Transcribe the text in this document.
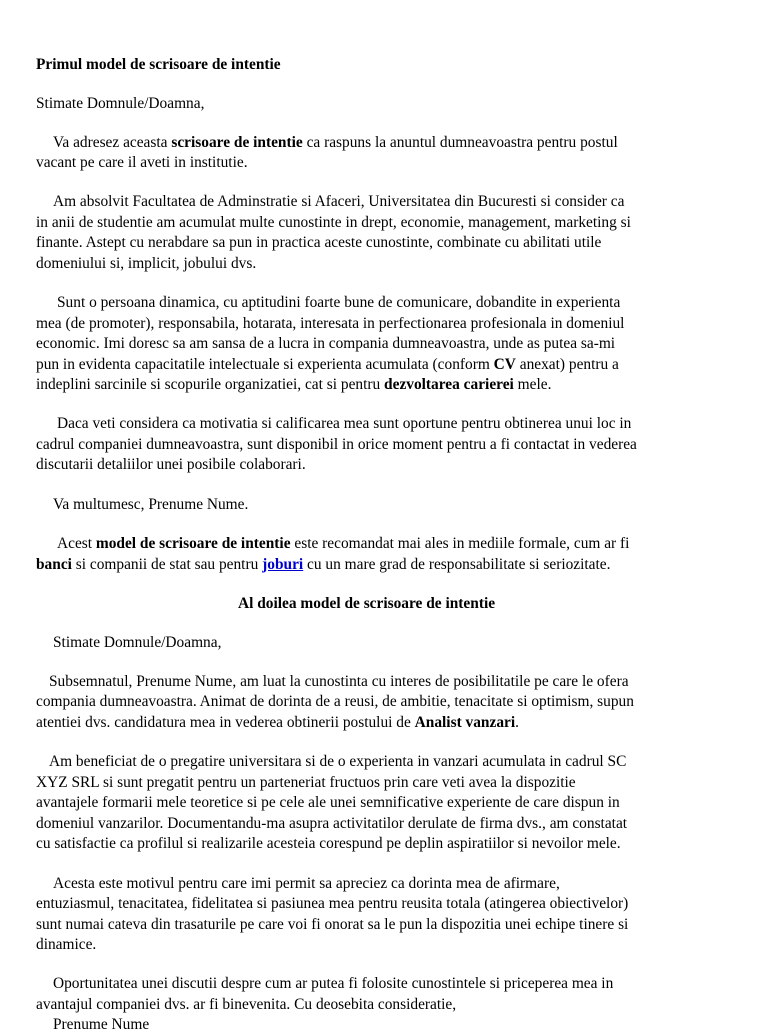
Primul model de scrisoare de intentie
Stimate Domnule/Doamna,
Va adresez aceasta scrisoare de intentie ca raspuns la anuntul dumneavoastra pentru postul
vacant pe care il aveti in institutie.
Am absolvit Facultatea de Adminstratie si Afaceri, Universitatea din Bucuresti si consider ca
in anii de studentie am acumulat multe cunostinte in drept, economie, management, marketing si
finante. Astept cu nerabdare sa pun in practica aceste cunostinte, combinate cu abilitati utile
domeniului si, implicit, jobului dvs.
Sunt o persoana dinamica, cu aptitudini foarte bune de comunicare, dobandite in experienta
mea (de promoter), responsabila, hotarata, interesata in perfectionarea profesionala in domeniul
economic. Imi doresc sa am sansa de a lucra in compania dumneavoastra, unde as putea sa-mi
pun in evidenta capacitatile intelectuale si experienta acumulata (conform CV anexat) pentru a
indeplini sarcinile si scopurile organizatiei, cat si pentru dezvoltarea carierei mele.
Daca veti considera ca motivatia si calificarea mea sunt oportune pentru obtinerea unui loc in
cadrul companiei dumneavoastra, sunt disponibil in orice moment pentru a fi contactat in vederea
discutarii detaliilor unei posibile colaborari.
Va multumesc, Prenume Nume.
Acest model de scrisoare de intentie este recomandat mai ales in mediile formale, cum ar fi
banci si companii de stat sau pentru joburi cu un mare grad de responsabilitate si seriozitate.
Al doilea model de scrisoare de intentie
Stimate Domnule/Doamna,
Subsemnatul, Prenume Nume, am luat la cunostinta cu interes de posibilitatile pe care le ofera
compania dumneavoastra. Animat de dorinta de a reusi, de ambitie, tenacitate si optimism, supun
atentiei dvs. candidatura mea in vederea obtinerii postului de Analist vanzari.
Am beneficiat de o pregatire universitara si de o experienta in vanzari acumulata in cadrul SC
XYZ SRL si sunt pregatit pentru un parteneriat fructuos prin care veti avea la dispozitie
avantajele formarii mele teoretice si pe cele ale unei semnificative experiente de care dispun in
domeniul vanzarilor. Documentandu-ma asupra activitatilor derulate de firma dvs., am constatat
cu satisfactie ca profilul si realizarile acesteia corespund pe deplin aspiratiilor si nevoilor mele.
Acesta este motivul pentru care imi permit sa apreciez ca dorinta mea de afirmare,
entuziasmul, tenacitatea, fidelitatea si pasiunea mea pentru reusita totala (atingerea obiectivelor)
sunt numai cateva din trasaturile pe care voi fi onorat sa le pun la dispozitia unei echipe tinere si
dinamice.
Oportunitatea unei discutii despre cum ar putea fi folosite cunostintele si priceperea mea in
avantajul companiei dvs. ar fi binevenita. Cu deosebita consideratie,
Prenume Nume
